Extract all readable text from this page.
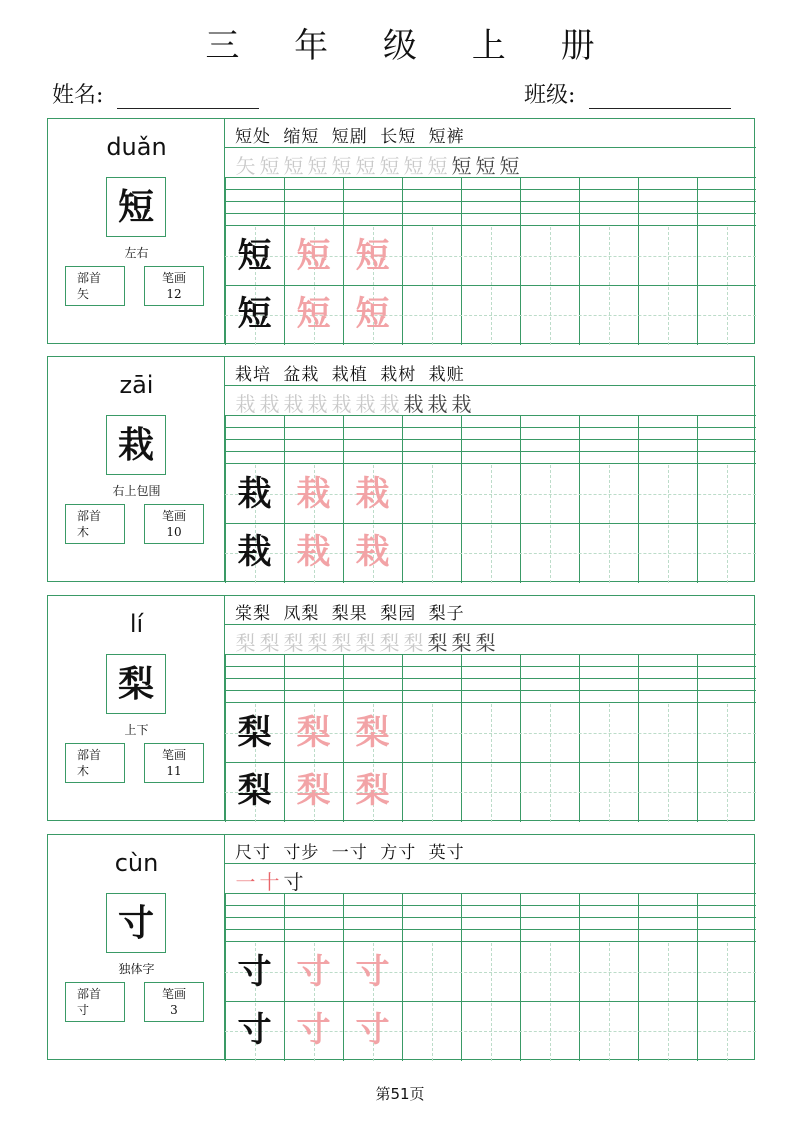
三 年 级 上 册
姓名:	班级:
duǎn
短
左右
部首
矢
笔画
12
短处 缩短 短剧 长短 短裤
矢 短 短 短 短 短 短 短 短 短 短 短
短 短 短
短 短 短
zāi
栽
右上包围
部首
木
笔画
10
栽培 盆栽 栽植 栽树 栽赃
栽 栽 栽 栽 栽 栽 栽 栽 栽 栽
栽 栽 栽
栽 栽 栽
lí
梨
上下
部首
木
笔画
11
棠梨 凤梨 梨果 梨园 梨子
梨 梨 梨 梨 梨 梨 梨 梨 梨 梨 梨
梨 梨 梨
梨 梨 梨
cùn
寸
独体字
部首
寸
笔画
3
尺寸 寸步 一寸 方寸 英寸
一 十 寸
寸 寸 寸
寸 寸 寸
第51页
